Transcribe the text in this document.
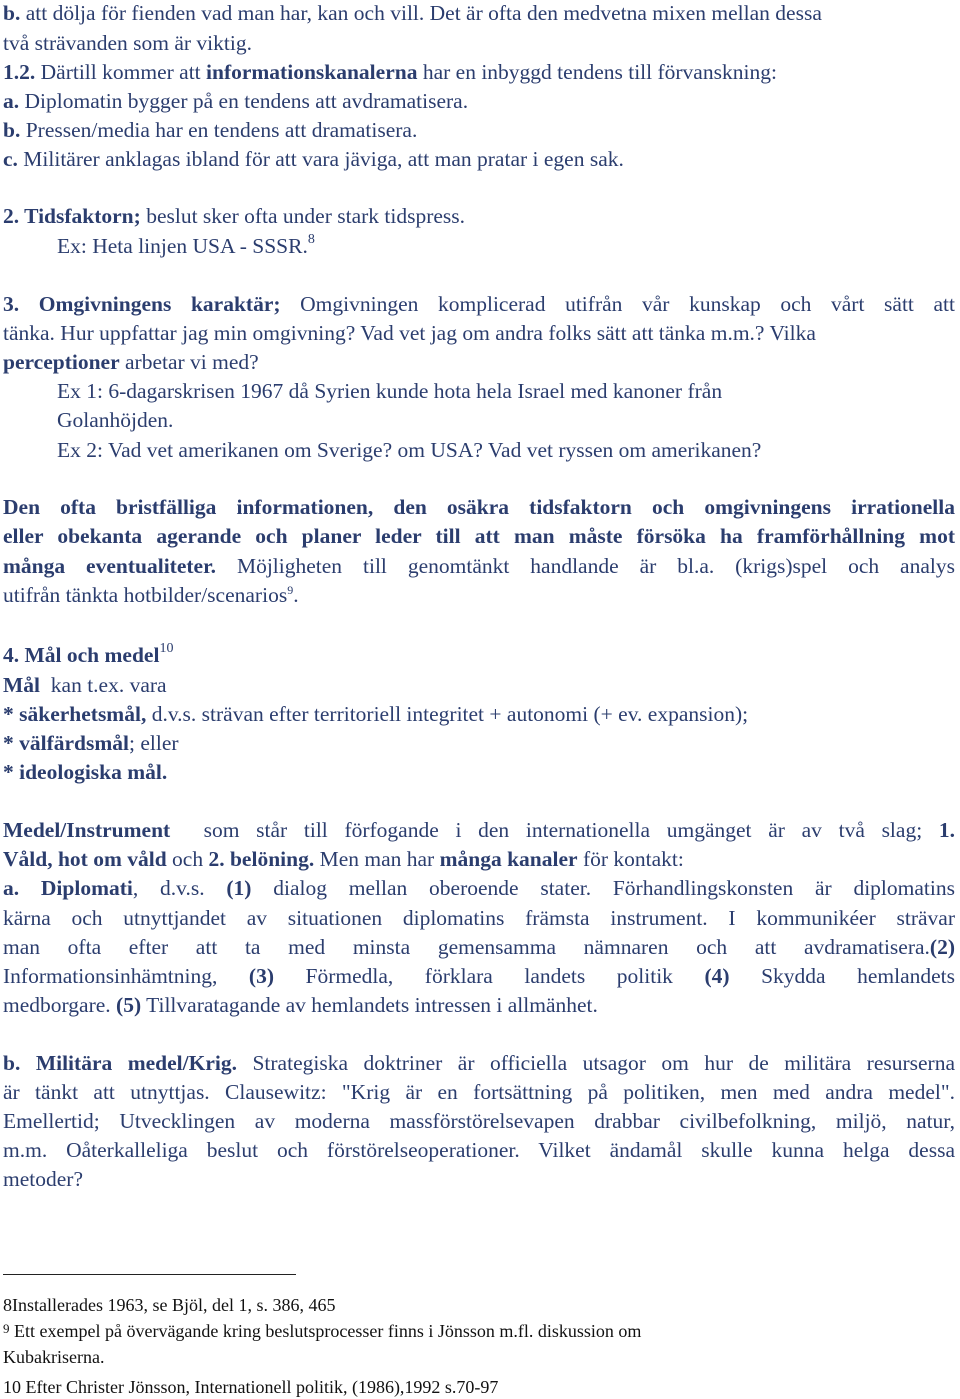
b. att dölja för fienden vad man har, kan och vill. Det är ofta den medvetna mixen mellan dessa
två strävanden som är viktig.
1.2. Därtill kommer att informationskanalerna har en inbyggd tendens till förvanskning:
a. Diplomatin bygger på en tendens att avdramatisera.
b. Pressen/media har en tendens att dramatisera.
c. Militärer anklagas ibland för att vara jäviga, att man pratar i egen sak.
2. Tidsfaktorn; beslut sker ofta under stark tidspress.
Ex: Heta linjen USA - SSSR.$^8$
3. Omgivningens karaktär; Omgivningen komplicerad utifrån vår kunskap och vårt sätt att
tänka. Hur uppfattar jag min omgivning? Vad vet jag om andra folks sätt att tänka m.m.? Vilka
perceptioner arbetar vi med?
Ex 1: 6-dagarskrisen 1967 då Syrien kunde hota hela Israel med kanoner från
Golanhöjden.
Ex 2: Vad vet amerikanen om Sverige? om USA? Vad vet ryssen om amerikanen?
Den ofta bristfälliga informationen, den osäkra tidsfaktorn och omgivningens irrationella
eller obekanta agerande och planer leder till att man måste försöka ha framförhållning mot
många eventualiteter. Möjligheten till genomtänkt handlande är bl.a. (krigs)spel och analys
utifrån tänkta hotbilder/scenarios$^9$.
4. Mål och medel$^{10}$
Mål  kan t.ex. vara
* säkerhetsmål, d.v.s. strävan efter territoriell integritet + autonomi (+ ev. expansion);
* välfärdsmål; eller
* ideologiska mål.
Medel/Instrument  som står till förfogande i den internationella umgänget är av två slag; 1.
Våld, hot om våld och 2. belöning. Men man har många kanaler för kontakt:
a. Diplomati, d.v.s. (1) dialog mellan oberoende stater. Förhandlingskonsten är diplomatins
kärna och utnyttjandet av situationen diplomatins främsta instrument. I kommunikéer strävar
man ofta efter att ta med minsta gemensamma nämnaren och att avdramatisera.(2)
Informationsinhämtning, (3) Förmedla, förklara landets politik (4) Skydda hemlandets
medborgare. (5) Tillvaratagande av hemlandets intressen i allmänhet.
b. Militära medel/Krig. Strategiska doktriner är officiella utsagor om hur de militära resurserna
är tänkt att utnyttjas. Clausewitz: "Krig är en fortsättning på politiken, men med andra medel".
Emellertid; Utvecklingen av moderna massförstörelsevapen drabbar civilbefolkning, miljö, natur,
m.m. Oåterkalleliga beslut och förstörelseoperationer. Vilket ändamål skulle kunna helga dessa
metoder?
8Installerades 1963, se Bjöl, del 1, s. 386, 465
$^9$ Ett exempel på övervägande kring beslutsprocesser finns i Jönsson m.fl. diskussion om
Kubakriserna.
10 Efter Christer Jönsson, Internationell politik, (1986),1992 s.70-97
